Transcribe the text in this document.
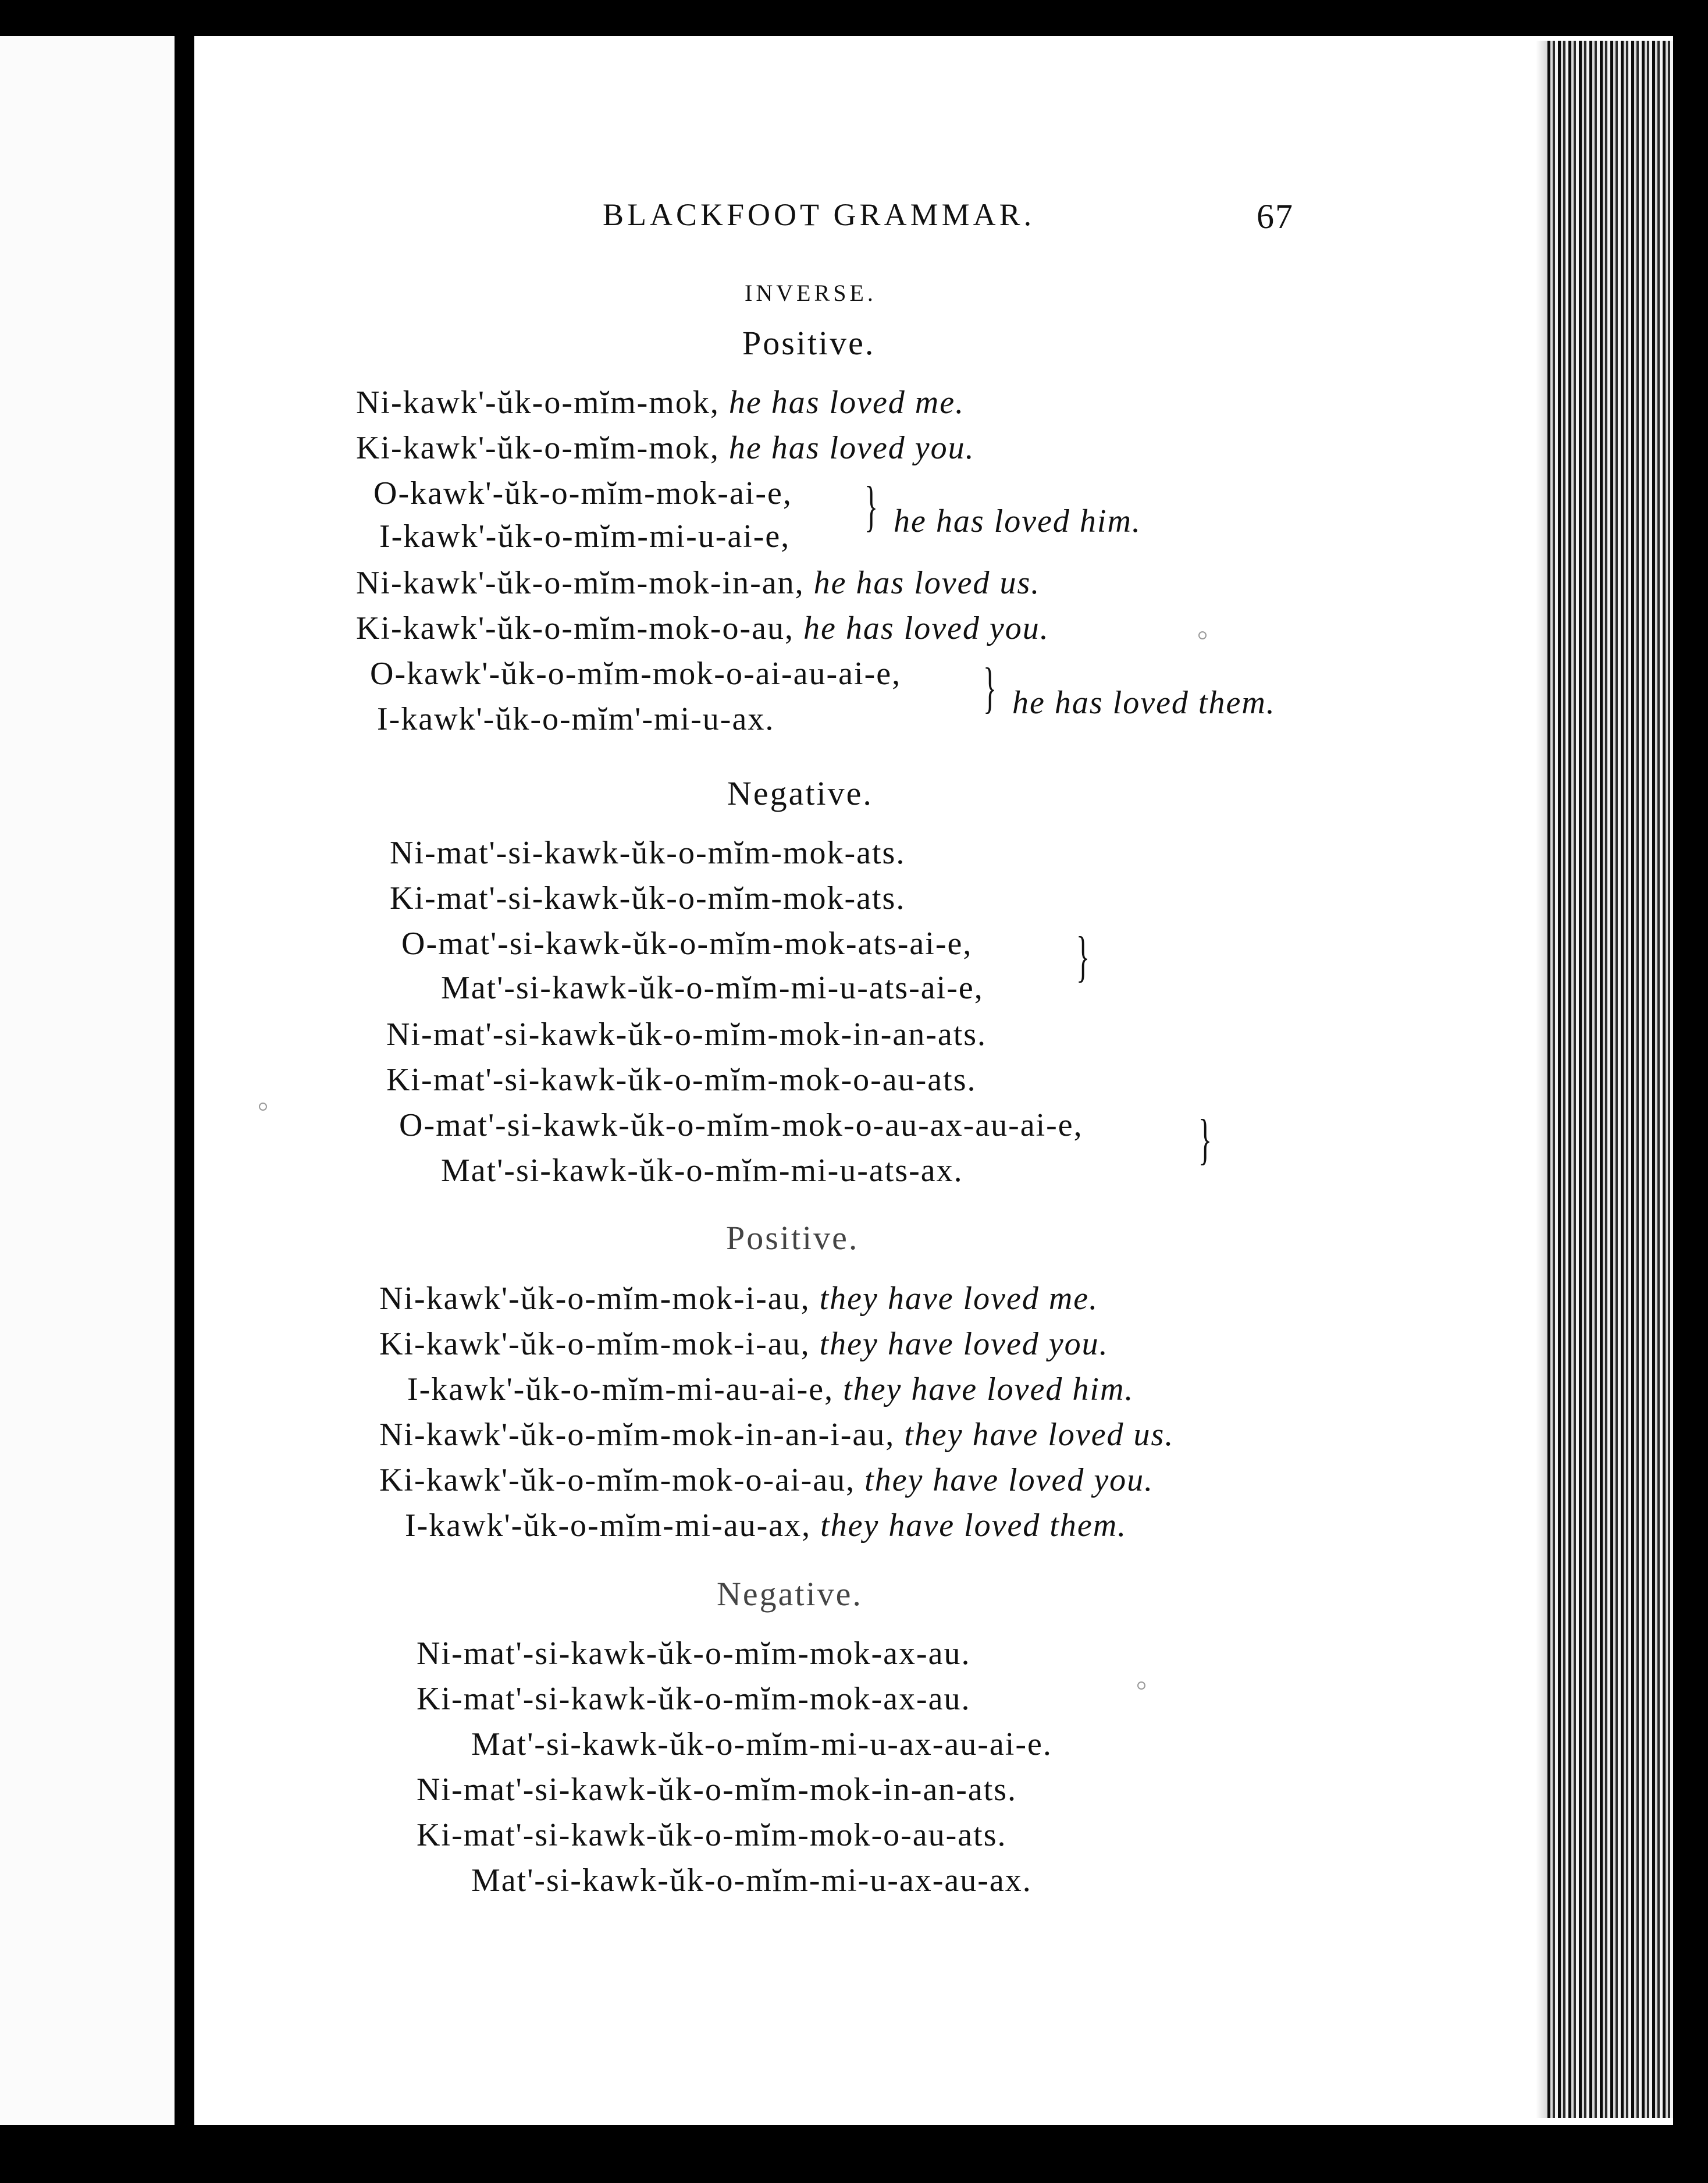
BLACKFOOT GRAMMAR.	67
INVERSE.
Positive.
Ni-kawk'-ŭk-o-mĭm-mok, he has loved me.
Ki-kawk'-ŭk-o-mĭm-mok, he has loved you.
O-kawk'-ŭk-o-mĭm-mok-ai-e,
I-kawk'-ŭk-o-mĭm-mi-u-ai-e, } he has loved him.
Ni-kawk'-ŭk-o-mĭm-mok-in-an, he has loved us.
Ki-kawk'-ŭk-o-mĭm-mok-o-au, he has loved you.
O-kawk'-ŭk-o-mĭm-mok-o-ai-au-ai-e,
I-kawk'-ŭk-o-mĭm'-mi-u-ax.
} he has loved them.
Negative.
Ni-mat'-si-kawk-ŭk-o-mĭm-mok-ats.
Ki-mat'-si-kawk-ŭk-o-mĭm-mok-ats.
O-mat'-si-kawk-ŭk-o-mĭm-mok-ats-ai-e,
Mat'-si-kawk-ŭk-o-mĭm-mi-u-ats-ai-e,
}
Ni-mat'-si-kawk-ŭk-o-mĭm-mok-in-an-ats.
Ki-mat'-si-kawk-ŭk-o-mĭm-mok-o-au-ats.
O-mat'-si-kawk-ŭk-o-mĭm-mok-o-au-ax-au-ai-e,
Mat'-si-kawk-ŭk-o-mĭm-mi-u-ats-ax.
}
Positive.
Ni-kawk'-ŭk-o-mĭm-mok-i-au, they have loved me.
Ki-kawk'-ŭk-o-mĭm-mok-i-au, they have loved you.
I-kawk'-ŭk-o-mĭm-mi-au-ai-e, they have loved him.
Ni-kawk'-ŭk-o-mĭm-mok-in-an-i-au, they have loved us.
Ki-kawk'-ŭk-o-mĭm-mok-o-ai-au, they have loved you.
I-kawk'-ŭk-o-mĭm-mi-au-ax, they have loved them.
Negative.
Ni-mat'-si-kawk-ŭk-o-mĭm-mok-ax-au.
Ki-mat'-si-kawk-ŭk-o-mĭm-mok-ax-au.
Mat'-si-kawk-ŭk-o-mĭm-mi-u-ax-au-ai-e.
Ni-mat'-si-kawk-ŭk-o-mĭm-mok-in-an-ats.
Ki-mat'-si-kawk-ŭk-o-mĭm-mok-o-au-ats.
Mat'-si-kawk-ŭk-o-mĭm-mi-u-ax-au-ax.
